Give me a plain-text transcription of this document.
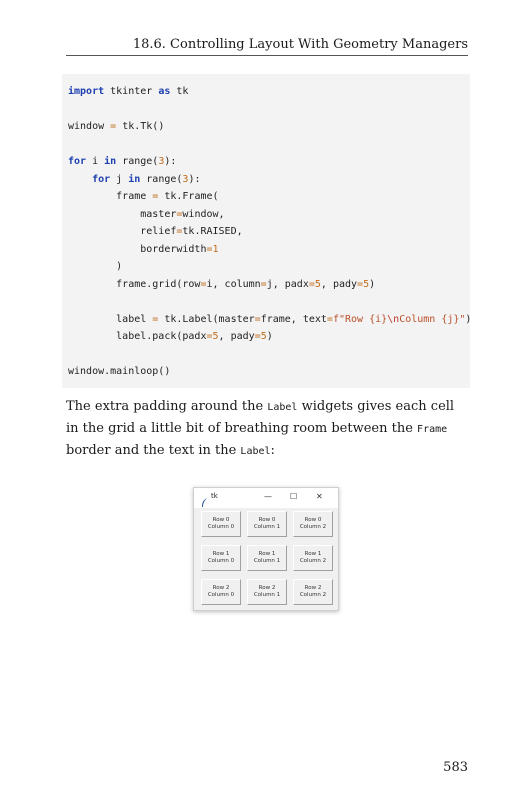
18.6. Controlling Layout With Geometry Managers
import tkinter as tk

window = tk.Tk()

for i in range(3):
for j in range(3):
frame = tk.Frame(
master=window,
relief=tk.RAISED,
borderwidth=1
)
frame.grid(row=i, column=j, padx=5, pady=5)

label = tk.Label(master=frame, text=f"Row {i}\nColumn {j}")
label.pack(padx=5, pady=5)

window.mainloop()
The extra padding around the Label widgets gives each cell in the grid a little bit of breathing room between the Frame border and the text in the Label:
tk	— ☐ ✕
Row 0
Column 0
Row 0
Column 1
Row 0
Column 2
Row 1
Column 0
Row 1
Column 1
Row 1
Column 2
Row 2
Column 0
Row 2
Column 1
Row 2
Column 2
583
